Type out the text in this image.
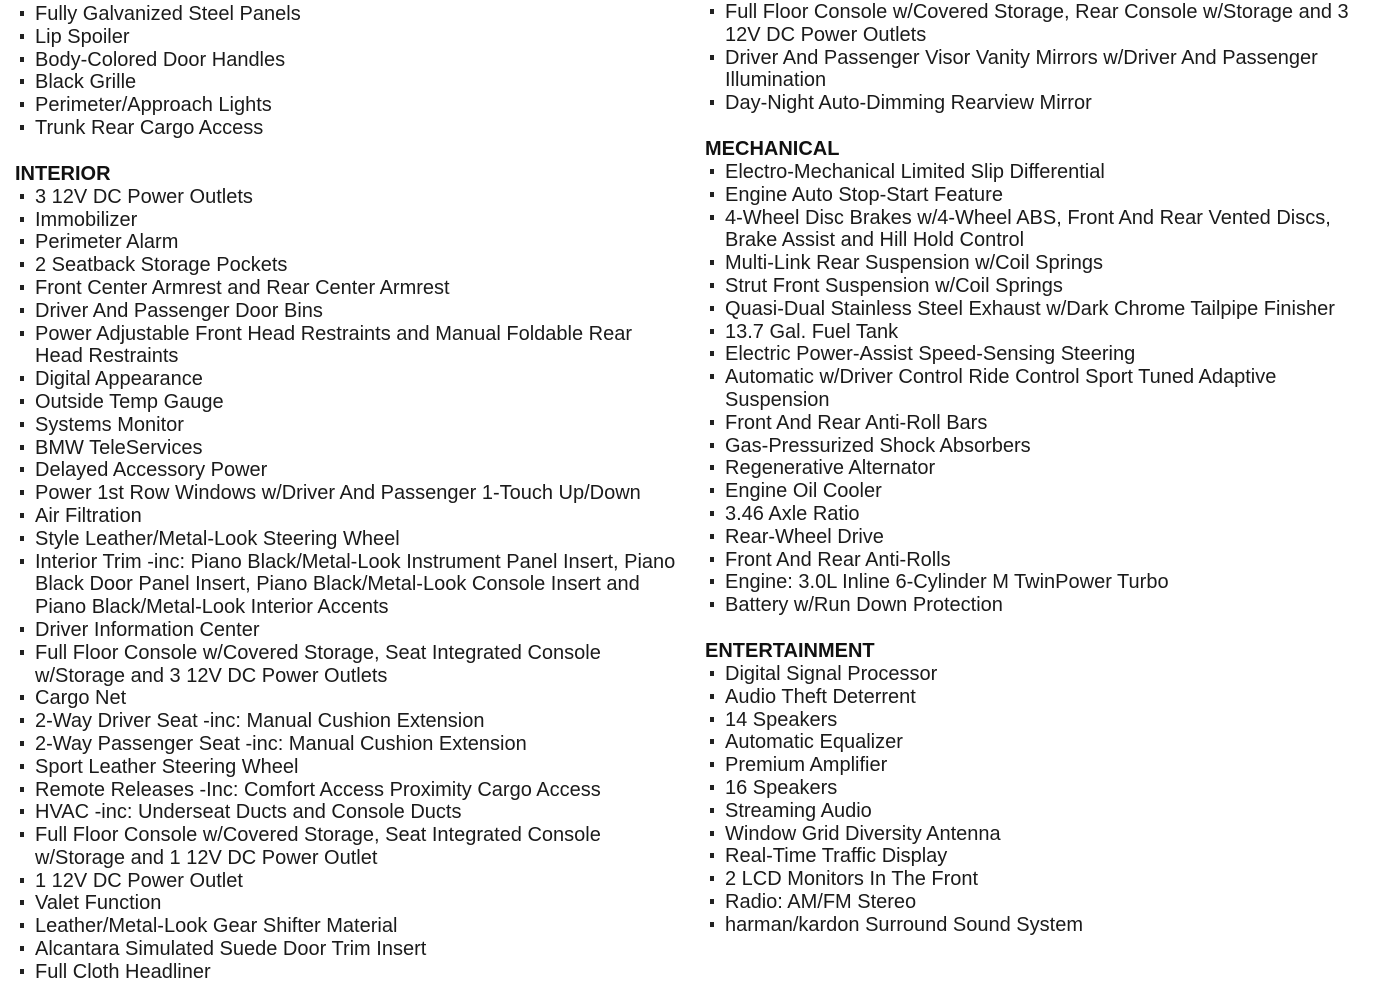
Fully Galvanized Steel Panels
Lip Spoiler
Body-Colored Door Handles
Black Grille
Perimeter/Approach Lights
Trunk Rear Cargo Access
INTERIOR
3 12V DC Power Outlets
Immobilizer
Perimeter Alarm
2 Seatback Storage Pockets
Front Center Armrest and Rear Center Armrest
Driver And Passenger Door Bins
Power Adjustable Front Head Restraints and Manual Foldable Rear Head Restraints
Digital Appearance
Outside Temp Gauge
Systems Monitor
BMW TeleServices
Delayed Accessory Power
Power 1st Row Windows w/Driver And Passenger 1-Touch Up/Down
Air Filtration
Style Leather/Metal-Look Steering Wheel
Interior Trim -inc: Piano Black/Metal-Look Instrument Panel Insert, Piano Black Door Panel Insert, Piano Black/Metal-Look Console Insert and Piano Black/Metal-Look Interior Accents
Driver Information Center
Full Floor Console w/Covered Storage, Seat Integrated Console w/Storage and 3 12V DC Power Outlets
Cargo Net
2-Way Driver Seat -inc: Manual Cushion Extension
2-Way Passenger Seat -inc: Manual Cushion Extension
Sport Leather Steering Wheel
Remote Releases -Inc: Comfort Access Proximity Cargo Access
HVAC -inc: Underseat Ducts and Console Ducts
Full Floor Console w/Covered Storage, Seat Integrated Console w/Storage and 1 12V DC Power Outlet
1 12V DC Power Outlet
Valet Function
Leather/Metal-Look Gear Shifter Material
Alcantara Simulated Suede Door Trim Insert
Full Cloth Headliner
Full Floor Console w/Covered Storage, Rear Console w/Storage and 3 12V DC Power Outlets
Driver And Passenger Visor Vanity Mirrors w/Driver And Passenger Illumination
Day-Night Auto-Dimming Rearview Mirror
MECHANICAL
Electro-Mechanical Limited Slip Differential
Engine Auto Stop-Start Feature
4-Wheel Disc Brakes w/4-Wheel ABS, Front And Rear Vented Discs, Brake Assist and Hill Hold Control
Multi-Link Rear Suspension w/Coil Springs
Strut Front Suspension w/Coil Springs
Quasi-Dual Stainless Steel Exhaust w/Dark Chrome Tailpipe Finisher
13.7 Gal. Fuel Tank
Electric Power-Assist Speed-Sensing Steering
Automatic w/Driver Control Ride Control Sport Tuned Adaptive Suspension
Front And Rear Anti-Roll Bars
Gas-Pressurized Shock Absorbers
Regenerative Alternator
Engine Oil Cooler
3.46 Axle Ratio
Rear-Wheel Drive
Front And Rear Anti-Rolls
Engine: 3.0L Inline 6-Cylinder M TwinPower Turbo
Battery w/Run Down Protection
ENTERTAINMENT
Digital Signal Processor
Audio Theft Deterrent
14 Speakers
Automatic Equalizer
Premium Amplifier
16 Speakers
Streaming Audio
Window Grid Diversity Antenna
Real-Time Traffic Display
2 LCD Monitors In The Front
Radio: AM/FM Stereo
harman/kardon Surround Sound System
